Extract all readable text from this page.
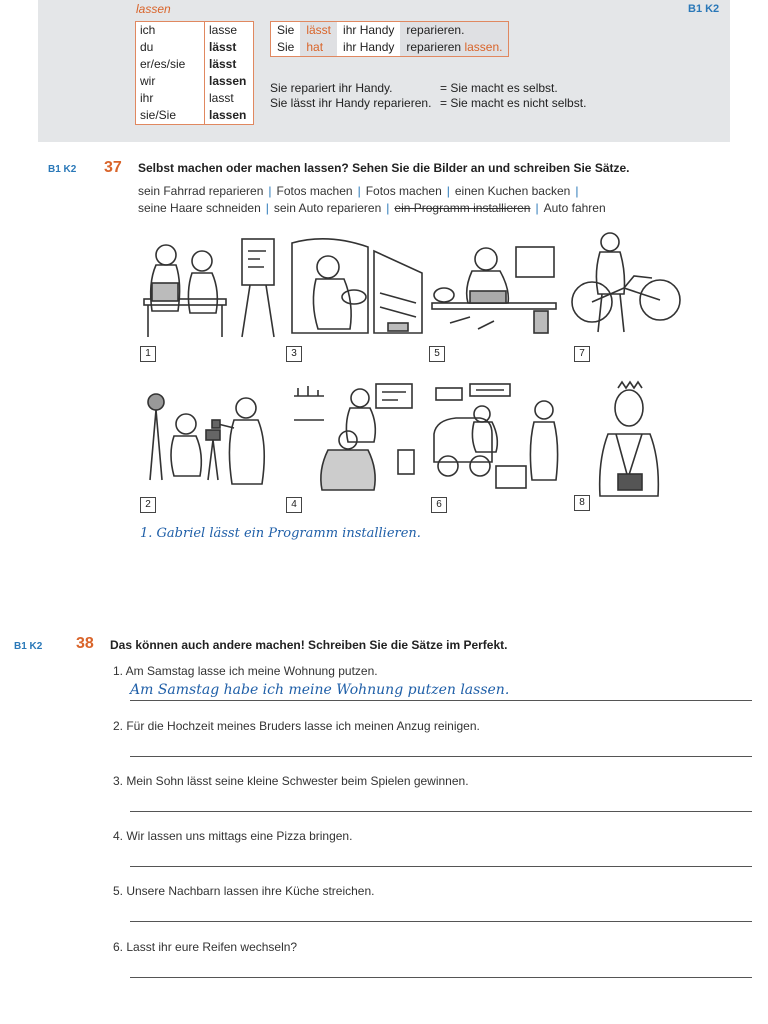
lassen	B1 K2
ich	lasse
du	lässt
er/es/sie	lässt
wir	lassen
ihr	lasst
sie/Sie	lassen
Sie	lässt	ihr Handy	reparieren.
Sie	hat	ihr Handy	reparieren lassen.
Sie repariert ihr Handy.	= Sie macht es selbst.
Sie lässt ihr Handy reparieren. = Sie macht es nicht selbst.
B1 K2 37 Selbst machen oder machen lassen? Sehen Sie die Bilder an und schreiben Sie Sätze.
sein Fahrrad reparieren | Fotos machen | Fotos machen | einen Kuchen backen |
seine Haare schneiden | sein Auto reparieren | ein Programm installieren | Auto fahren
1	3	5	7
2	4	6	8
1. Gabriel lässt ein Programm installieren.
B1 K2 38 Das können auch andere machen! Schreiben Sie die Sätze im Perfekt.
1. Am Samstag lasse ich meine Wohnung putzen.
Am Samstag habe ich meine Wohnung putzen lassen.
2. Für die Hochzeit meines Bruders lasse ich meinen Anzug reinigen.
3. Mein Sohn lässt seine kleine Schwester beim Spielen gewinnen.
4. Wir lassen uns mittags eine Pizza bringen.
5. Unsere Nachbarn lassen ihre Küche streichen.
6. Lasst ihr eure Reifen wechseln?
